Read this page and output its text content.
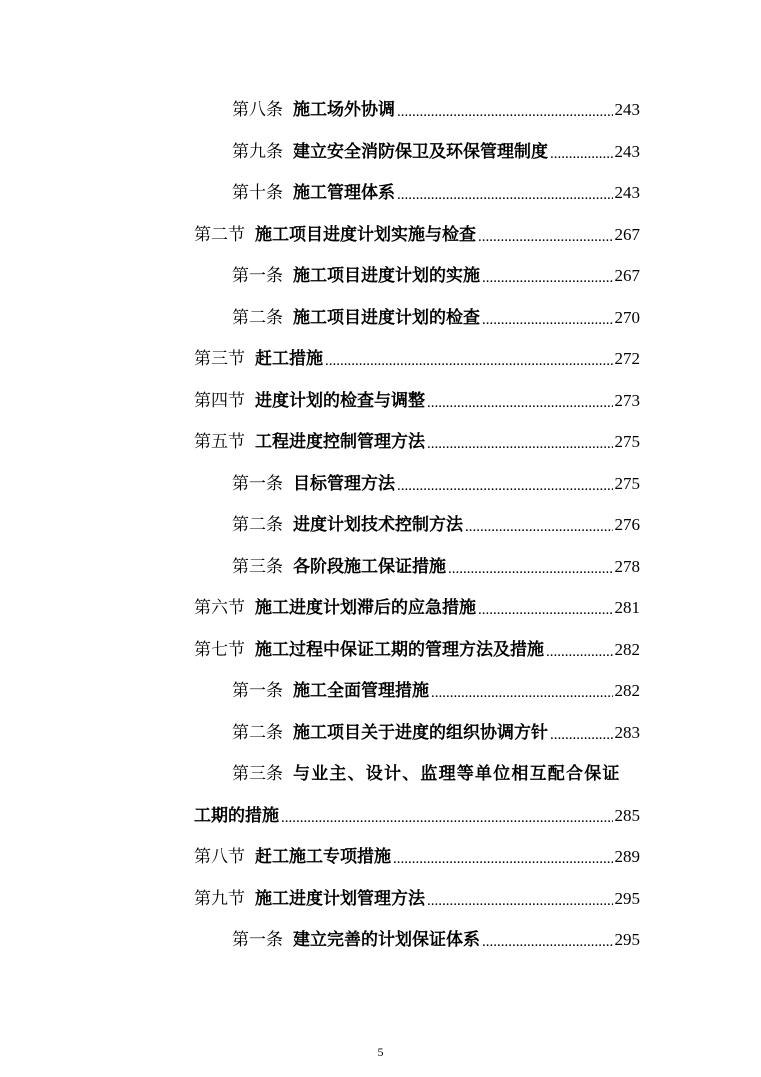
第八条 施工场外协调 .....	243
第九条 建立安全消防保卫及环保管理制度 .....	243
第十条 施工管理体系 .....	243
第二节 施工项目进度计划实施与检查 .....	267
第一条 施工项目进度计划的实施 .....	267
第二条 施工项目进度计划的检查 .....	270
第三节 赶工措施 .....	272
第四节 进度计划的检查与调整 .....	273
第五节 工程进度控制管理方法 .....	275
第一条 目标管理方法 .....	275
第二条 进度计划技术控制方法 .....	276
第三条 各阶段施工保证措施 .....	278
第六节 施工进度计划滞后的应急措施 .....	281
第七节 施工过程中保证工期的管理方法及措施 .....	282
第一条 施工全面管理措施 .....	282
第二条 施工项目关于进度的组织协调方针 .....	283
第三条 与业主、设计、监理等单位相互配合保证
工期的措施 .....	285
第八节 赶工施工专项措施 .....	289
第九节 施工进度计划管理方法 .....	295
第一条 建立完善的计划保证体系 .....	295
5
